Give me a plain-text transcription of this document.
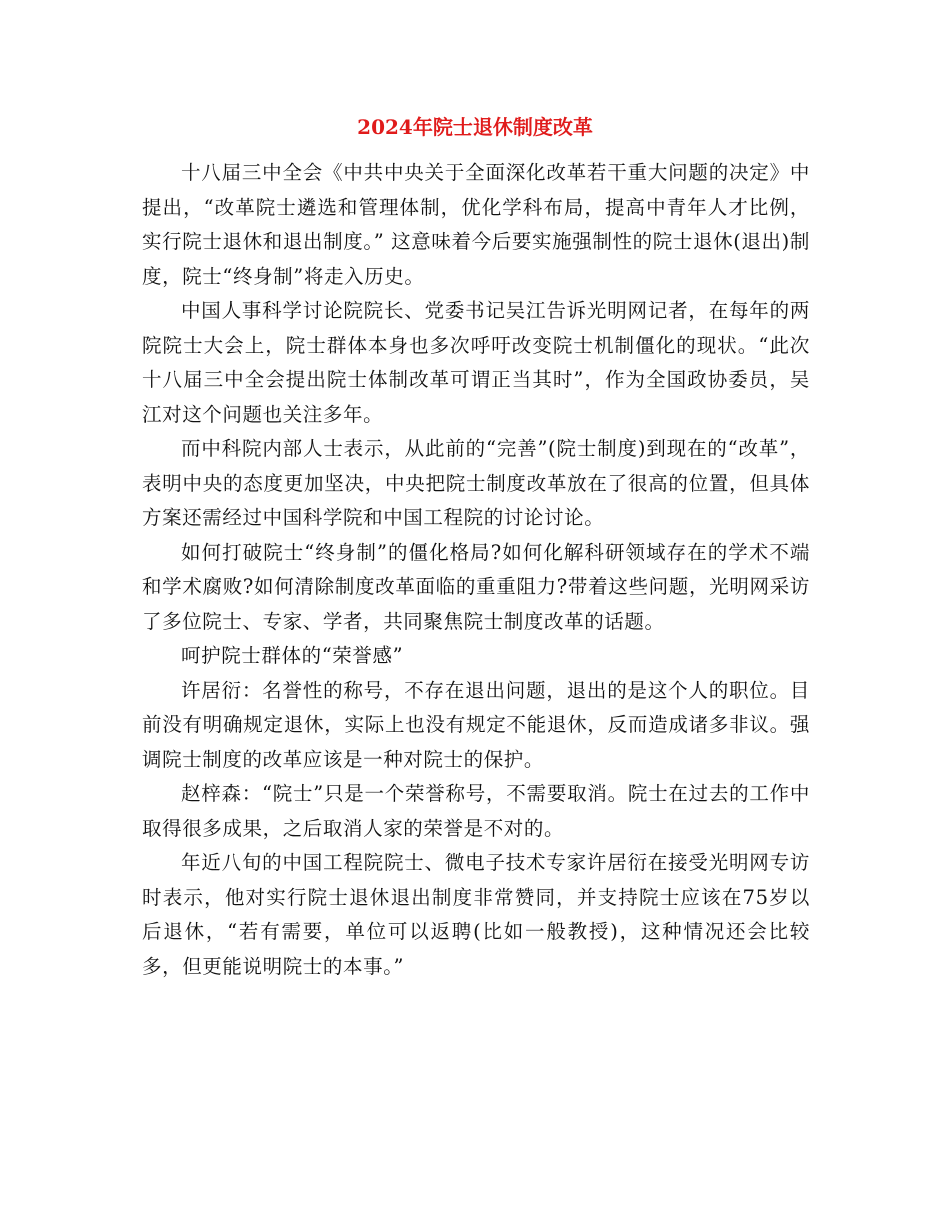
2024年院士退休制度改革

十八届三中全会《中共中央关于全面深化改革若干重大问题的决定》中提出，“改革院士遴选和管理体制，优化学科布局，提高中青年人才比例，实行院士退休和退出制度。” 这意味着今后要实施强制性的院士退休(退出)制度，院士“终身制”将走入历史。

中国人事科学讨论院院长、党委书记吴江告诉光明网记者，在每年的两院院士大会上，院士群体本身也多次呼吁改变院士机制僵化的现状。“此次十八届三中全会提出院士体制改革可谓正当其时”，作为全国政协委员，吴江对这个问题也关注多年。

而中科院内部人士表示，从此前的“完善”(院士制度)到现在的“改革”，表明中央的态度更加坚决，中央把院士制度改革放在了很高的位置，但具体方案还需经过中国科学院和中国工程院的讨论讨论。

如何打破院士“终身制”的僵化格局?如何化解科研领域存在的学术不端和学术腐败?如何清除制度改革面临的重重阻力?带着这些问题，光明网采访了多位院士、专家、学者，共同聚焦院士制度改革的话题。

呵护院士群体的“荣誉感”

许居衍：名誉性的称号，不存在退出问题，退出的是这个人的职位。目前没有明确规定退休，实际上也没有规定不能退休，反而造成诸多非议。强调院士制度的改革应该是一种对院士的保护。

赵梓森：“院士”只是一个荣誉称号，不需要取消。院士在过去的工作中取得很多成果，之后取消人家的荣誉是不对的。

年近八旬的中国工程院院士、微电子技术专家许居衍在接受光明网专访时表示，他对实行院士退休退出制度非常赞同，并支持院士应该在75岁以后退休，“若有需要，单位可以返聘(比如一般教授)，这种情况还会比较多，但更能说明院士的本事。”
